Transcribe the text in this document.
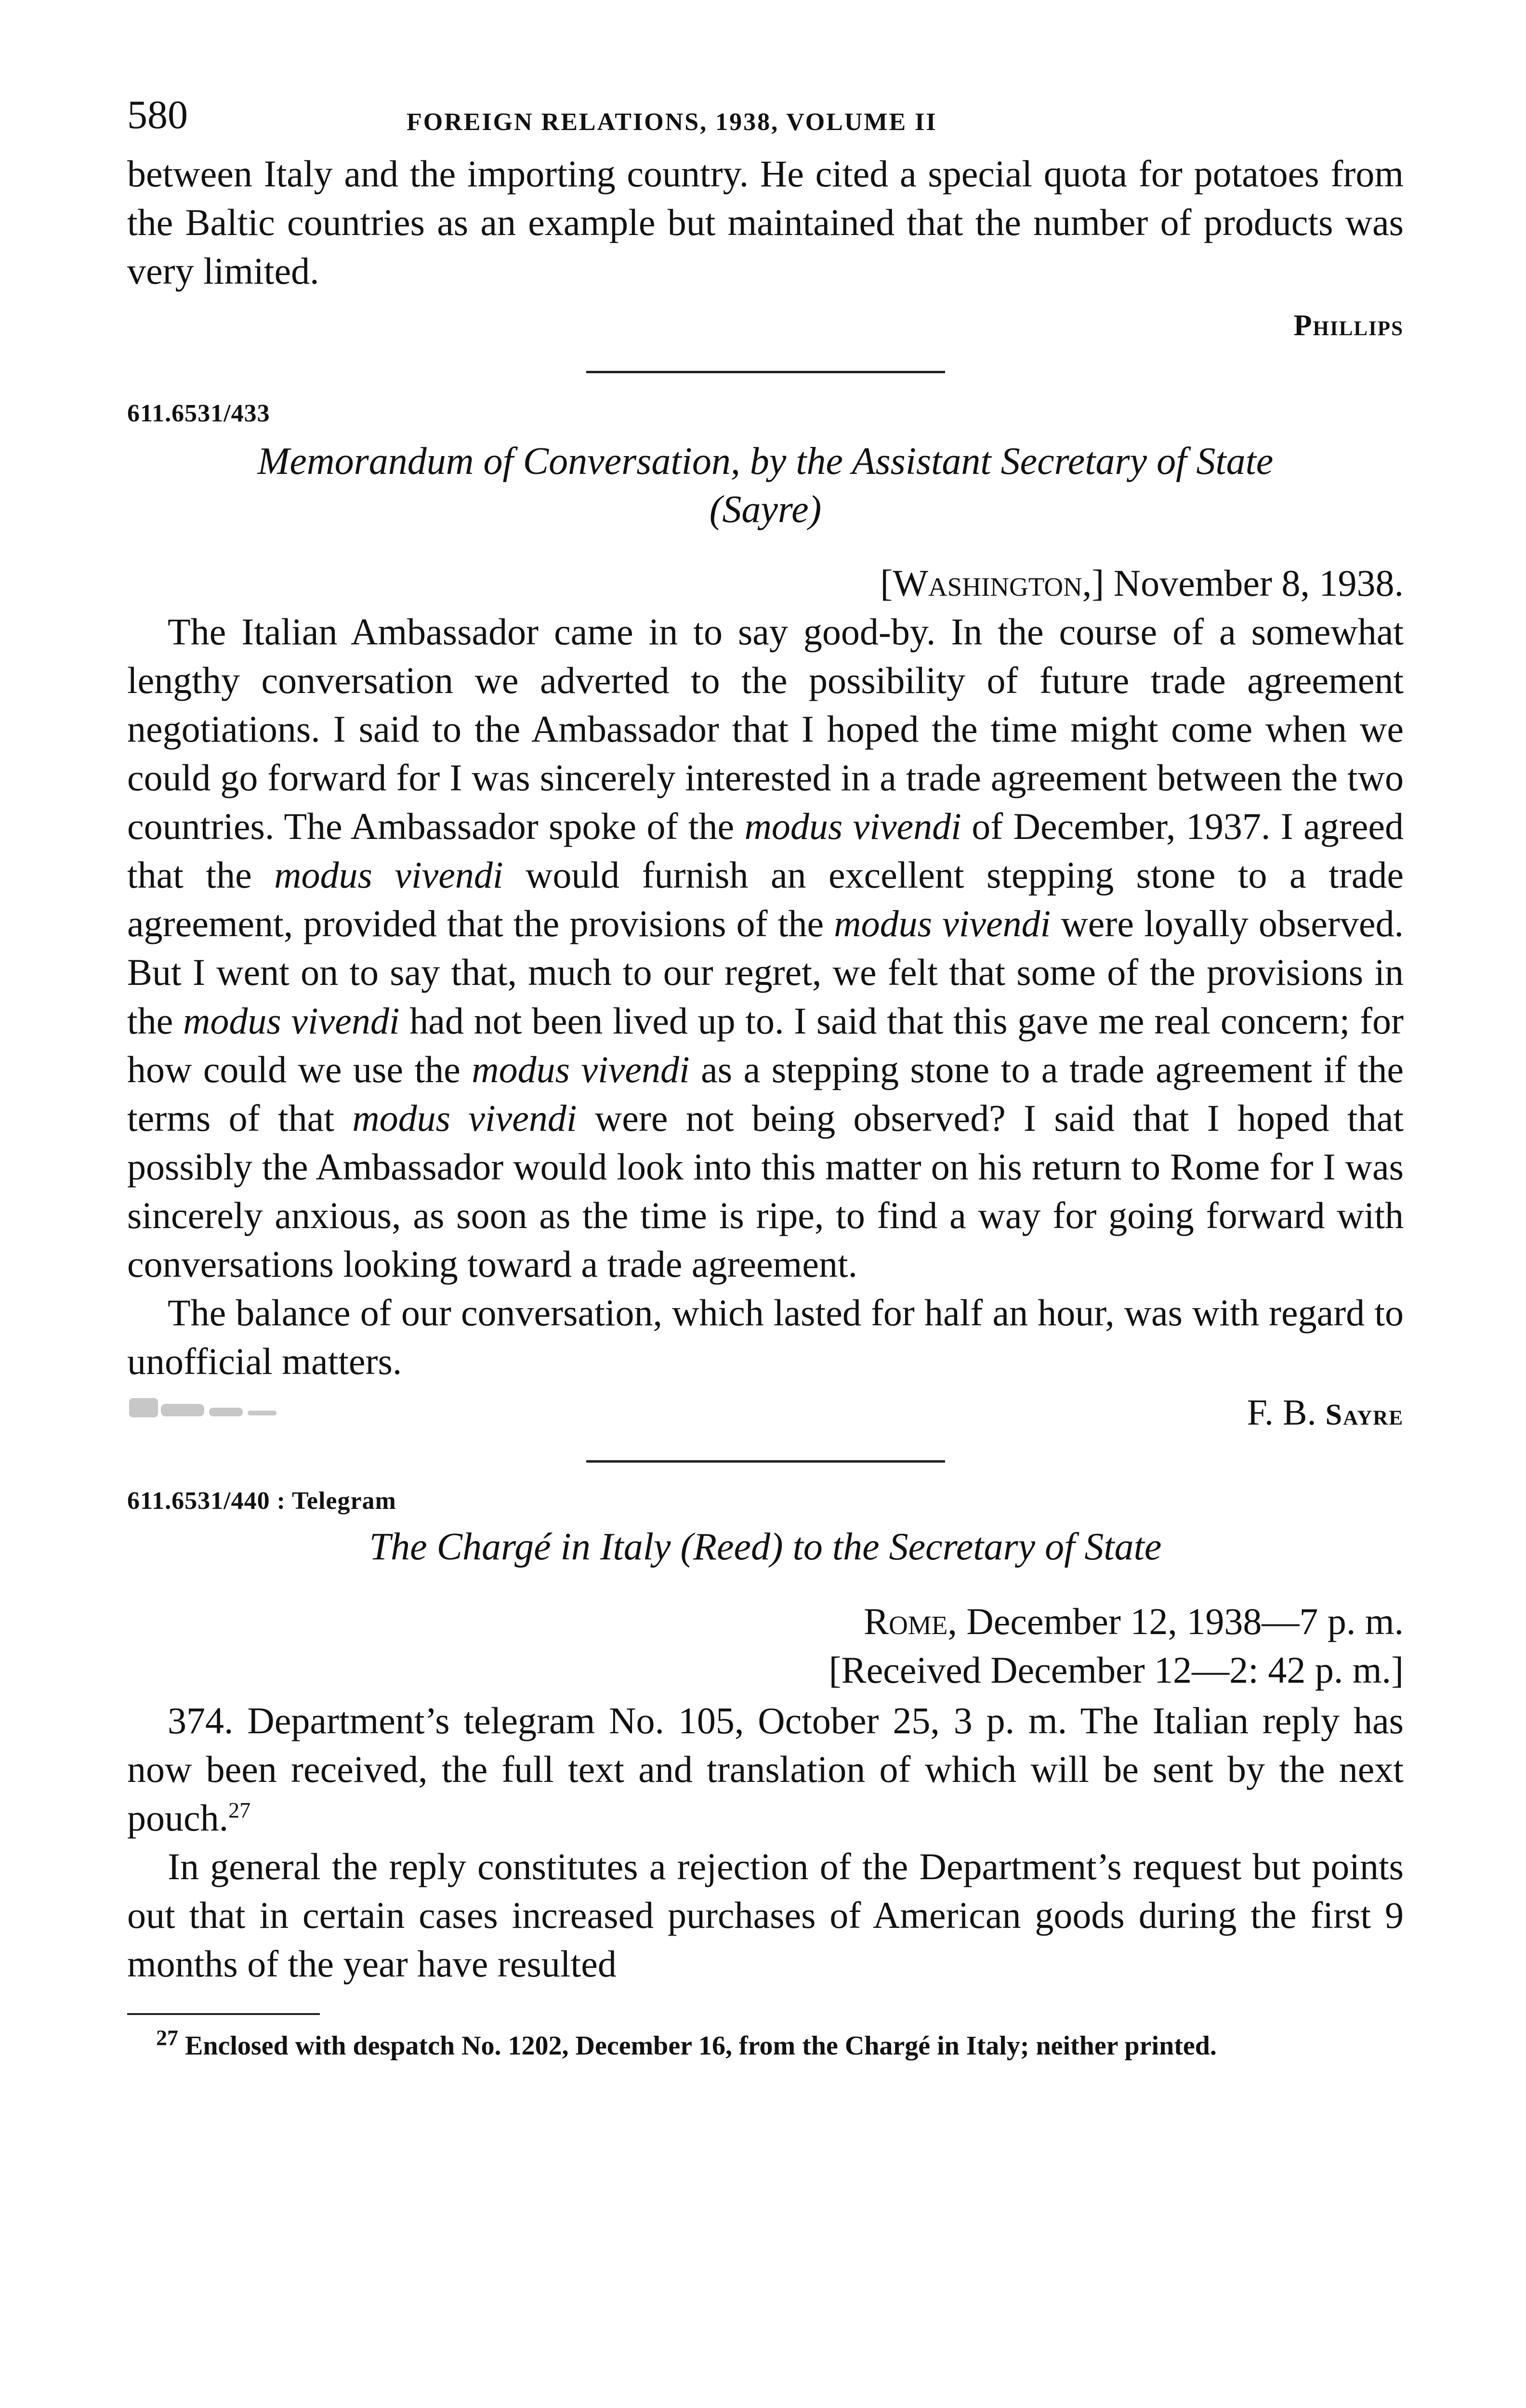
580	FOREIGN RELATIONS, 1938, VOLUME II

between Italy and the importing country. He cited a special quota for potatoes from the Baltic countries as an example but maintained that the number of products was very limited.

Phillips
611.6531/433
Memorandum of Conversation, by the Assistant Secretary of State
(Sayre)
[Washington,] November 8, 1938.

The Italian Ambassador came in to say good-by. In the course of a somewhat lengthy conversation we adverted to the possibility of future trade agreement negotiations. I said to the Ambassador that I hoped the time might come when we could go forward for I was sincerely interested in a trade agreement between the two countries. The Ambassador spoke of the modus vivendi of December, 1937. I agreed that the modus vivendi would furnish an excellent stepping stone to a trade agreement, provided that the provisions of the modus vivendi were loyally observed. But I went on to say that, much to our regret, we felt that some of the provisions in the modus vivendi had not been lived up to. I said that this gave me real concern; for how could we use the modus vivendi as a stepping stone to a trade agreement if the terms of that modus vivendi were not being observed? I said that I hoped that possibly the Ambassador would look into this matter on his return to Rome for I was sincerely anxious, as soon as the time is ripe, to find a way for going forward with conversations looking toward a trade agreement.

The balance of our conversation, which lasted for half an hour, was with regard to unofficial matters.

F. B. Sayre
611.6531/440 : Telegram
The Chargé in Italy (Reed) to the Secretary of State
Rome, December 12, 1938—7 p. m.
[Received December 12—2: 42 p. m.]

374. Department’s telegram No. 105, October 25, 3 p. m. The Italian reply has now been received, the full text and translation of which will be sent by the next pouch.$^{27}$

In general the reply constitutes a rejection of the Department’s request but points out that in certain cases increased purchases of American goods during the first 9 months of the year have resulted

$^{27}$ Enclosed with despatch No. 1202, December 16, from the Chargé in Italy; neither printed.
